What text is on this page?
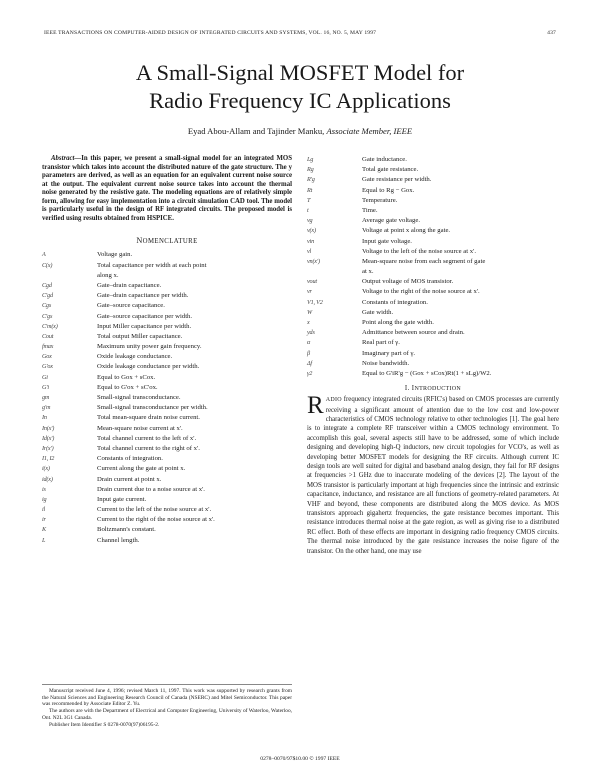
IEEE TRANSACTIONS ON COMPUTER-AIDED DESIGN OF INTEGRATED CIRCUITS AND SYSTEMS, VOL. 16, NO. 5, MAY 1997	437
A Small-Signal MOSFET Model for
Radio Frequency IC Applications
Eyad Abou-Allam and Tajinder Manku, Associate Member, IEEE

Abstract—In this paper, we present a small-signal model for an integrated MOS transistor which takes into account the distributed nature of the gate structure. The y parameters are derived, as well as an equation for an equivalent current noise source at the output. The equivalent current noise source takes into account the thermal noise generated by the resistive gate. The modeling equations are of relatively simple form, allowing for easy implementation into a circuit simulation CAD tool. The model is particularly useful in the design of RF integrated circuits. The proposed model is verified using results obtained from HSPICE.

NOMENCLATURE
A	Voltage gain.
C(x)	Total capacitance per width at each point
along x.
Cgd	Gate–drain capacitance.
C'gd	Gate–drain capacitance per width.
Cgs	Gate–source capacitance.
C'gs	Gate–source capacitance per width.
C'm(x)	Input Miller capacitance per width.
Cout	Total output Miller capacitance.
fmax	Maximum unity power gain frequency.
Gox	Oxide leakage conductance.
G'ox	Oxide leakage conductance per width.
Gi	Equal to Gox + sCox.
G'i	Equal to G'ox + sC'ox.
gm	Small-signal transconductance.
g'm	Small-signal transconductance per width.
In	Total mean-square drain noise current.
In(x')	Mean-square noise current at x'.
Id(x')	Total channel current to the left of x'.
Ir(x')	Total channel current to the right of x'.
I1, I2	Constants of integration.
i(x)	Current along the gate at point x.
id(x)	Drain current at point x.
is	Drain current due to a noise source at x'.
ig	Input gate current.
il	Current to the left of the noise source at x'.
ir	Current to the right of the noise source at x'.
K	Boltzmann's constant.
L	Channel length.
Lg	Gate inductance.
Rg	Total gate resistance.
R'g	Gate resistance per width.
Rt	Equal to Rg − Gox.
T	Temperature.
t	Time.
vg	Average gate voltage.
v(x)	Voltage at point x along the gate.
vin	Input gate voltage.
vl	Voltage to the left of the noise source at x'.
vn(x')	Mean-square noise from each segment of gate
at x.
vout	Output voltage of MOS transistor.
vr	Voltage to the right of the noise source at x'.
V1, V2	Constants of integration.
W	Gate width.
x	Point along the gate width.
yds	Admittance between source and drain.
α	Real part of γ.
β	Imaginary part of γ.
Δf	Noise bandwidth.
γ2	Equal to G'iR'g − (Gox + sCox)Rt(1 + sLg)/W2.
I. INTRODUCTION

RADIO frequency integrated circuits (RFIC's) based on CMOS processes are currently receiving a significant amount of attention due to the low cost and low-power characteristics of CMOS technology relative to other technologies [1]. The goal here is to integrate a complete RF transceiver within a CMOS technology environment. To accomplish this goal, several aspects still have to be addressed, some of which include designing and developing high-Q inductors, new circuit topologies for VCO's, as well as developing better MOSFET models for designing the RF circuits. Although current IC design tools are well suited for digital and baseband analog design, they fail for RF designs at frequencies >1 GHz due to inaccurate modeling of the devices [2]. The layout of the MOS transistor is particularly important at high frequencies since the intrinsic and extrinsic capacitance, inductance, and resistance are all functions of geometry-related parameters. At VHF and beyond, these components are distributed along the MOS device. As MOS transistors approach gigahertz frequencies, the gate resistance becomes important. This resistance introduces thermal noise at the gate region, as well as giving rise to a distributed RC effect. Both of these effects are important in designing radio frequency CMOS circuits. The thermal noise introduced by the gate resistance increases the noise figure of the transistor. On the other hand, one may use

Manuscript received June 4, 1996; revised March 11, 1997. This work was supported by research grants from the Natural Sciences and Engineering Research Council of Canada (NSERC) and Mitel Semiconductor. This paper was recommended by Associate Editor Z. Yu.

The authors are with the Department of Electrical and Computer Engineering, University of Waterloo, Waterloo, Ont. N2L 3G1 Canada.

Publisher Item Identifier S 0278-0070(97)06195-2.

0278–0070/97$10.00 © 1997 IEEE
